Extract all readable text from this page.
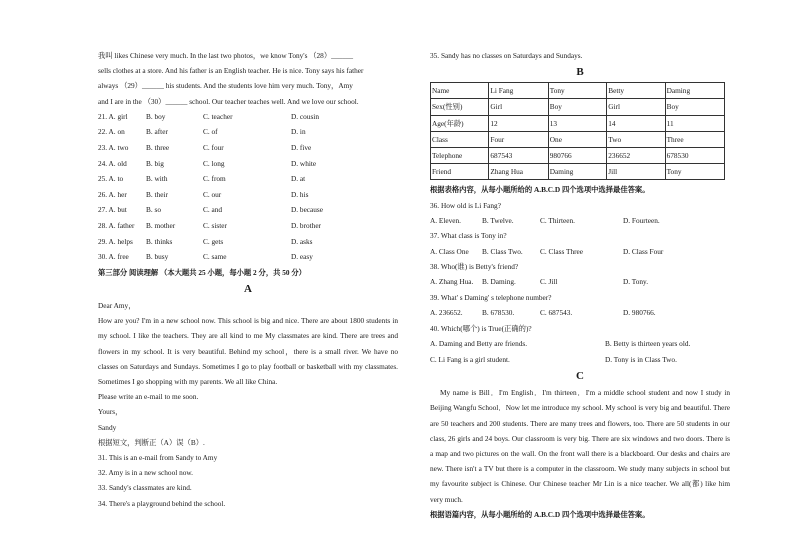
我叫 likes Chinese very much. In the last two photos，we know Tony's （28）______

sells clothes at a store. And his father is an English teacher. He is nice. Tony says his father

always （29）______ his students. And the students love him very much. Tony，Amy

and I are in the （30）______ school. Our teacher teaches well. And we love our school.

21. A. girl	B. boy	C. teacher	D. cousin
22. A. on	B. after	C. of	D. in
23. A. two B. three	C. four	D. five
24. A. old	B. big	C. long	D. white
25. A. to	B. with	C. from	D. at
26. A. her	B. their	C. our	D. his
27. A. but	B. so	C. and	D. because
28. A. father B. mother	C. sister	D. brother
29. A. helps B. thinks	C. gets	D. asks
30. A. free B. busy	C. same	D. easy

第三部分 阅读理解 （本大题共 25 小题，每小题 2 分，共 50 分）

A

Dear Amy，

How are you? I'm in a new school now. This school is big and nice. There are about 1800 students in my school. I like the teachers. They are all kind to me My classmates are kind. There are trees and flowers in my school. It is very beautiful. Behind my school，there is a small river. We have no classes on Saturdays and Sundays. Sometimes I go to play football or basketball with my classmates. Sometimes I go shopping with my parents. We all like China.

Please write an e-mail to me soon.

Yours，

Sandy

根据短文，判断正（A）误（B）.

31. This is an e-mail from Sandy to Amy

32. Amy is in a new school now.

33. Sandy's classmates are kind.

34. There's a playground behind the school.

35. Sandy has no classes on Saturdays and Sundays.

B
Name	Li Fang	Tony	Betty	Daming
Sex(性别)	Girl	Boy	Girl	Boy
Age(年龄)	12	13	14	11
Class	Four	One	Two	Three
Telephone	687543	980766	236652	678530
Friend	Zhang Hua	Daming	Jill	Tony

根据表格内容，从每小题所给的 A.B.C.D 四个选项中选择最佳答案。

36. How old is Li Fang?

A. Eleven.	B. Twelve.	C. Thirteen.	D. Fourteen.

37. What class is Tony in?

A. Class One B. Class Two. C. Class Three	D. Class Four

38. Who(谁) is Betty's friend?

A. Zhang Hua. B. Daming.	C. Jill	D. Tony.

39. What' s Daming' s telephone number?

A. 236652.	B. 678530.	C. 687543.	D. 980766.

40. Which(哪个) is True(正确的)?

A. Daming and Betty are friends.	B. Betty is thirteen years old.
C. Li Fang is a girl student.	D. Tony is in Class Two.
C

My name is Bill．I'm English．I'm thirteen．I'm a middle school student and now I study in Beijing Wangfu School．Now let me introduce my school. My school is very big and beautiful. There are 50 teachers and 200 students. There are many trees and flowers, too. There are 50 students in our class, 26 girls and 24 boys. Our classroom is very big. There are six windows and two doors. There is a map and two pictures on the wall. On the front wall there is a blackboard. Our desks and chairs are new. There isn't a TV but there is a computer in the classroom. We study many subjects in school but my favourite subject is Chinese. Our Chinese teacher Mr Lin is a nice teacher. We all(都) like him very much.

根据语篇内容，从每小题所给的 A.B.C.D 四个选项中选择最佳答案。
